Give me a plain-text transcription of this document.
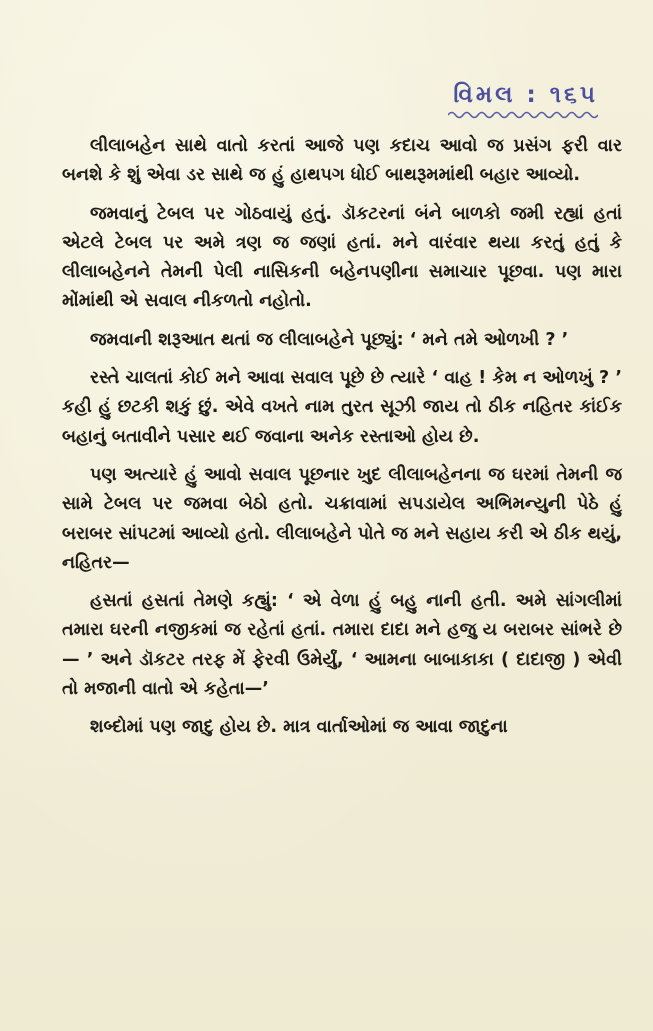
વિમલ : ૧૬૫

લીલાબહેન સાથે વાતો કરતાં આજે પણ કદાચ આવો જ પ્રસંગ ફરી વાર બનશે કે શું એવા ડર સાથે જ હું હાથપગ ધોઈ બાથરૂમમાંથી બહાર આવ્યો.

જમવાનું ટેબલ પર ગોઠવાયું હતું. ડૉકટરનાં બંને બાળકો જમી રહ્યાં હતાં એટલે ટેબલ પર અમે ત્રણ જ જણાં હતાં. મને વારંવાર થયા કરતું હતું કે લીલાબહેનને તેમની પેલી નાસિકની બહેનપણીના સમાચાર પૂછવા. પણ મારા મોંમાંથી એ સવાલ નીકળતો નહોતો.

જમવાની શરૂઆત થતાં જ લીલાબહેને પૂછ્યું: ‘ મને તમે ઓળખી ? ’

રસ્તે ચાલતાં કોઈ મને આવા સવાલ પૂછે છે ત્યારે ‘ વાહ ! કેમ ન ઓળખું ? ’ કહી હું છટકી શકું છું. એવે વખતે નામ તુરત સૂઝી જાય તો ઠીક નહિતર કાંઈક બહાનું બતાવીને પસાર થઈ જવાના અનેક રસ્તાઓ હોય છે.

પણ અત્યારે હું આવો સવાલ પૂછનાર ખુદ લીલાબહેનના જ ઘરમાં તેમની જ સામે ટેબલ પર જમવા બેઠો હતો. ચક્રાવામાં સપડાયેલ અભિમન્યુની પેઠે હું બરાબર સાંપટમાં આવ્યો હતો. લીલાબહેને પોતે જ મને સહાય કરી એ ઠીક થયું, નહિતર—

હસતાં હસતાં તેમણે કહ્યું: ‘ એ વેળા હું બહુ નાની હતી. અમે સાંગલીમાં તમારા ઘરની નજીકમાં જ રહેતાં હતાં. તમારા દાદા મને હજુ ય બરાબર સાંભરે છે— ’ અને ડૉકટર તરફ મેં ફેરવી ઉમેર્યું, ‘ આમના બાબાકાકા ( દાદાજી ) એવી તો મજાની વાતો એ કહેતા—’

શબ્દોમાં પણ જાદુ હોય છે. માત્ર વાર્તાઓમાં જ આવા જાદુના
